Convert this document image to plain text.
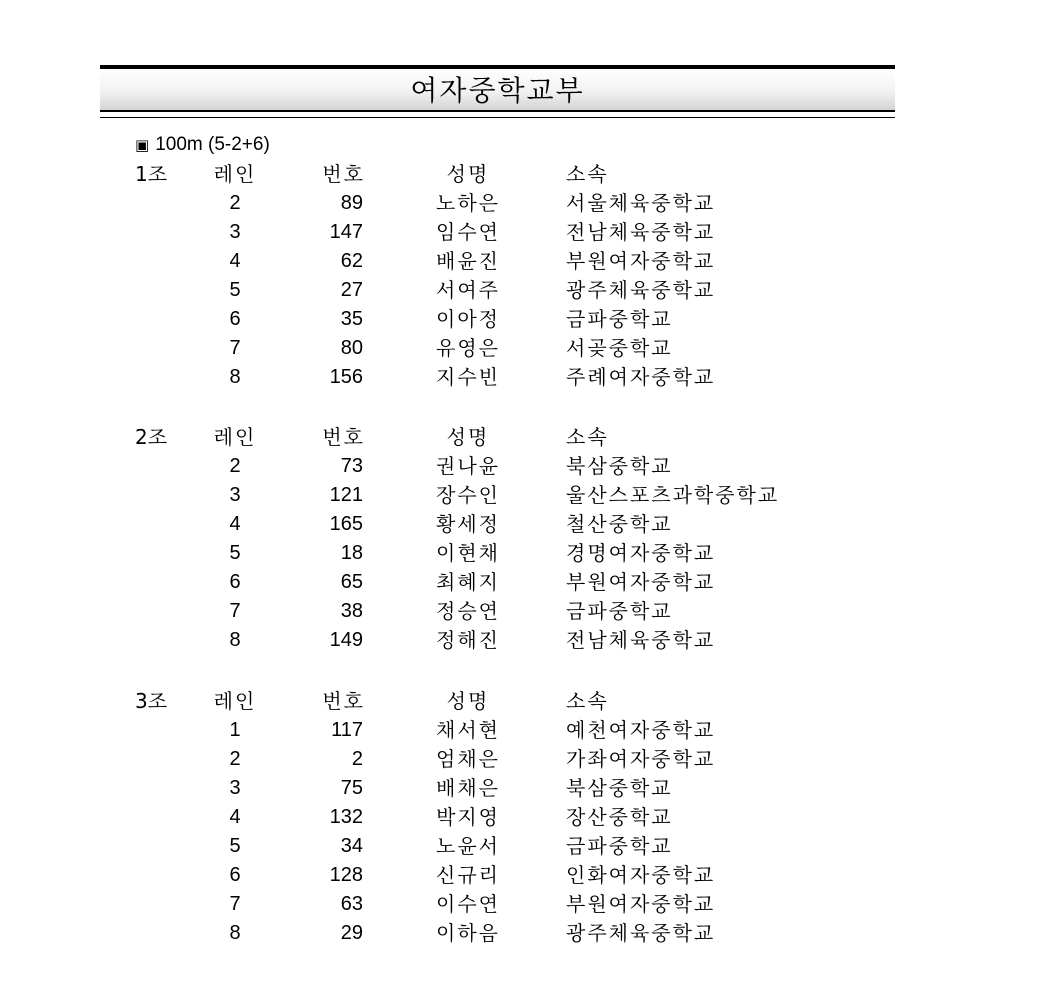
여자중학교부
▣ 100m (5-2+6)
1조	레인	번호	성명	소속
2	89	노하은	서울체육중학교
3	147	임수연	전남체육중학교
4	62	배윤진	부원여자중학교
5	27	서여주	광주체육중학교
6	35	이아정	금파중학교
7	80	유영은	서곶중학교
8	156	지수빈	주례여자중학교
2조	레인	번호	성명	소속
2	73	권나윤	북삼중학교
3	121	장수인	울산스포츠과학중학교
4	165	황세정	철산중학교
5	18	이현채	경명여자중학교
6	65	최혜지	부원여자중학교
7	38	정승연	금파중학교
8	149	정해진	전남체육중학교
3조	레인	번호	성명	소속
1	117	채서현	예천여자중학교
2	2	엄채은	가좌여자중학교
3	75	배채은	북삼중학교
4	132	박지영	장산중학교
5	34	노윤서	금파중학교
6	128	신규리	인화여자중학교
7	63	이수연	부원여자중학교
8	29	이하음	광주체육중학교
